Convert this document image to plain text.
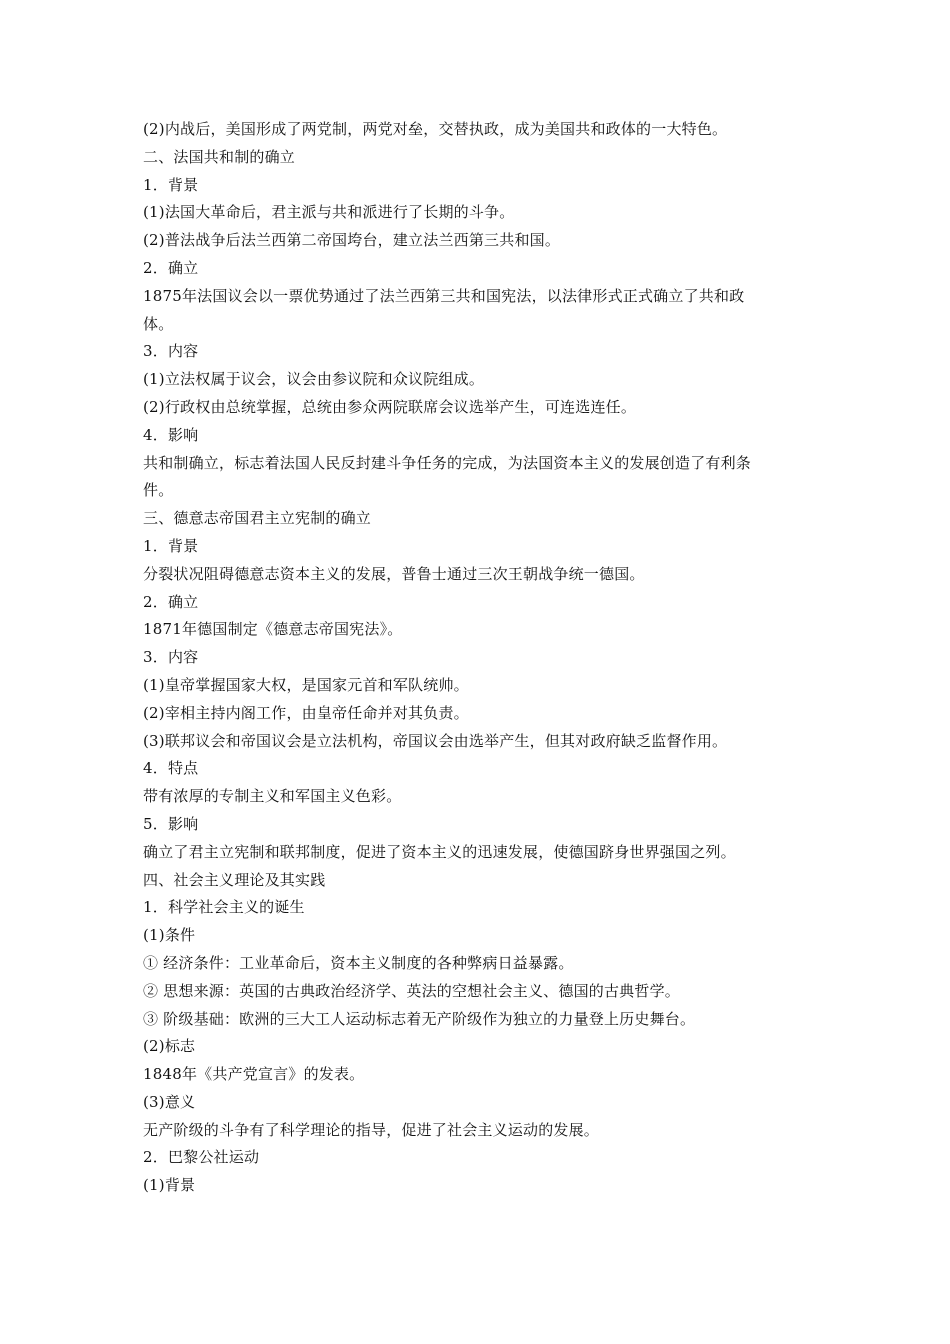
(2)内战后，美国形成了两党制，两党对垒，交替执政，成为美国共和政体的一大特色。
二、法国共和制的确立
1．背景
(1)法国大革命后，君主派与共和派进行了长期的斗争。
(2)普法战争后法兰西第二帝国垮台，建立法兰西第三共和国。
2．确立
1875年法国议会以一票优势通过了法兰西第三共和国宪法，以法律形式正式确立了共和政
体。
3．内容
(1)立法权属于议会，议会由参议院和众议院组成。
(2)行政权由总统掌握，总统由参众两院联席会议选举产生，可连选连任。
4．影响
共和制确立，标志着法国人民反封建斗争任务的完成，为法国资本主义的发展创造了有利条
件。
三、德意志帝国君主立宪制的确立
1．背景
分裂状况阻碍德意志资本主义的发展，普鲁士通过三次王朝战争统一德国。
2．确立
1871年德国制定《德意志帝国宪法》。
3．内容
(1)皇帝掌握国家大权，是国家元首和军队统帅。
(2)宰相主持内阁工作，由皇帝任命并对其负责。
(3)联邦议会和帝国议会是立法机构，帝国议会由选举产生，但其对政府缺乏监督作用。
4．特点
带有浓厚的专制主义和军国主义色彩。
5．影响
确立了君主立宪制和联邦制度，促进了资本主义的迅速发展，使德国跻身世界强国之列。
四、社会主义理论及其实践
1．科学社会主义的诞生
(1)条件
① 经济条件：工业革命后，资本主义制度的各种弊病日益暴露。
② 思想来源：英国的古典政治经济学、英法的空想社会主义、德国的古典哲学。
③ 阶级基础：欧洲的三大工人运动标志着无产阶级作为独立的力量登上历史舞台。
(2)标志
1848年《共产党宣言》的发表。
(3)意义
无产阶级的斗争有了科学理论的指导，促进了社会主义运动的发展。
2．巴黎公社运动
(1)背景
